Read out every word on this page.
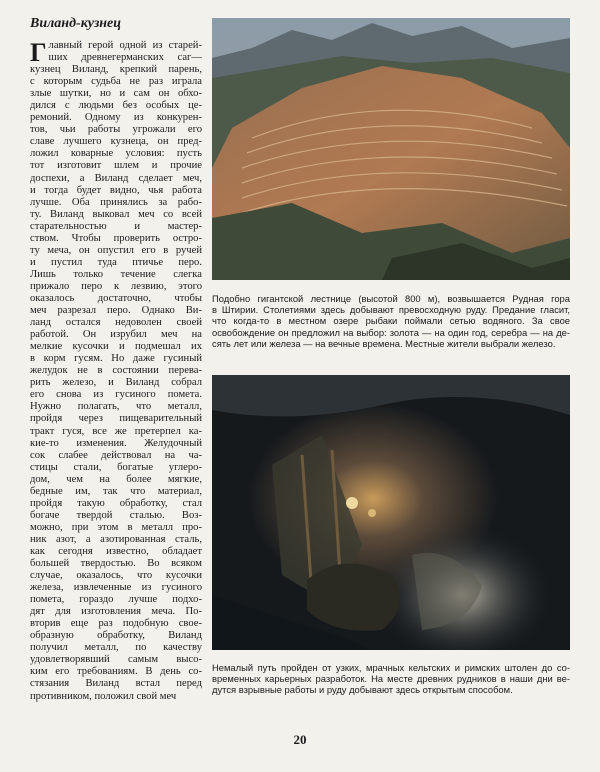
Виланд-кузнец
Г лавный герой одной из старей-
ших древнегерманских саг—
кузнец Виланд, крепкий парень,
с которым судьба не раз играла
злые шутки, но и сам он обхо-
дился с людьми без особых це-
ремоний. Одному из конкурен-
тов, чьи работы угрожали его
славе лучшего кузнеца, он пред-
ложил коварные условия: пусть
тот изготовит шлем и прочие
доспехи, а Виланд сделает меч,
и тогда будет видно, чья работа
лучше. Оба принялись за рабо-
ту. Виланд выковал меч со всей
старательностью и мастер-
ством. Чтобы проверить остро-
ту меча, он опустил его в ручей
и пустил туда птичье перо.
Лишь только течение слегка
прижало перо к лезвию, этого
оказалось достаточно, чтобы
меч разрезал перо. Однако Ви-
ланд остался недоволен своей
работой. Он изрубил меч на
мелкие кусочки и подмешал их
в корм гусям. Но даже гусиный
желудок не в состоянии перева-
рить железо, и Виланд собрал
его снова из гусиного помета.
Нужно полагать, что металл,
пройдя через пищеварительный
тракт гуся, все же претерпел ка-
кие-то изменения. Желудочный
сок слабее действовал на ча-
стицы стали, богатые углеро-
дом, чем на более мягкие,
бедные им, так что материал,
пройдя такую обработку, стал
богаче твердой сталью. Воз-
можно, при этом в металл про-
ник азот, а азотированная сталь,
как сегодня известно, обладает
большей твердостью. Во всяком
случае, оказалось, что кусочки
железа, извлеченные из гусиного
помета, гораздо лучше подхо-
дят для изготовления меча. По-
вторив еще раз подобную свое-
образную обработку, Виланд
получил металл, по качеству
удовлетворявший самым высо-
ким его требованиям. В день со-
стязания Виланд встал перед
противником, положил свой меч
Подобно гигантской лестнице (высотой 800 м), возвышается Рудная гора
в Штирии. Столетиями здесь добывают превосходную руду. Предание гласит,
что когда-то в местном озере рыбаки поймали сетью водяного. За свое
освобождение он предложил на выбор: золота — на один год, серебра — на де-
сять лет или железа — на вечные времена. Местные жители выбрали железо.
Немалый путь пройден от узких, мрачных кельтских и римских штолен до со-
временных карьерных разработок. На месте древних рудников в наши дни ве-
дутся взрывные работы и руду добывают здесь открытым способом.
20
